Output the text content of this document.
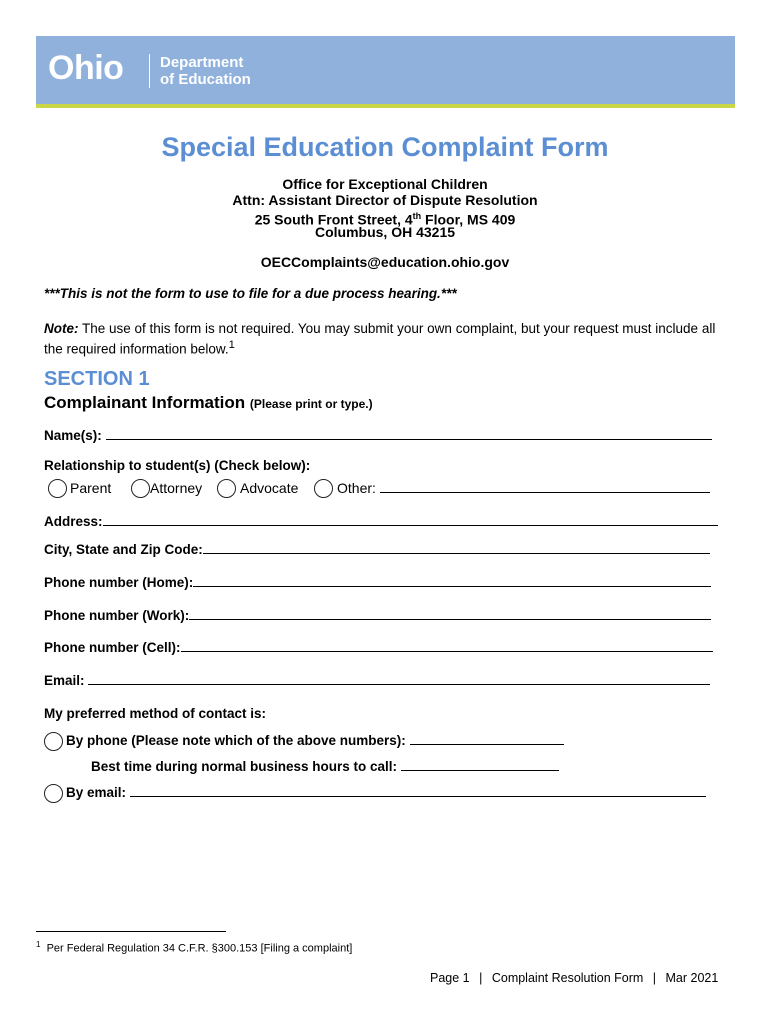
Ohio Department
of Education
Special Education Complaint Form
Office for Exceptional Children
Attn: Assistant Director of Dispute Resolution
25 South Front Street, 4th Floor, MS 409
Columbus, OH 43215
OECComplaints@education.ohio.gov
***This is not the form to use to file for a due process hearing.***
Note: The use of this form is not required. You may submit your own complaint, but your request must include all the required information below.$^1$
SECTION 1
Complainant Information (Please print or type.)
Name(s):
Relationship to student(s) (Check below):
Parent	Attorney	Advocate	Other:
Address:
City, State and Zip Code:
Phone number (Home):
Phone number (Work):
Phone number (Cell):
Email:
My preferred method of contact is:
By phone (Please note which of the above numbers):
Best time during normal business hours to call:
By email:
$^1$ Per Federal Regulation 34 C.F.R. §300.153 [Filing a complaint]
Page 1 | Complaint Resolution Form | Mar 2021
